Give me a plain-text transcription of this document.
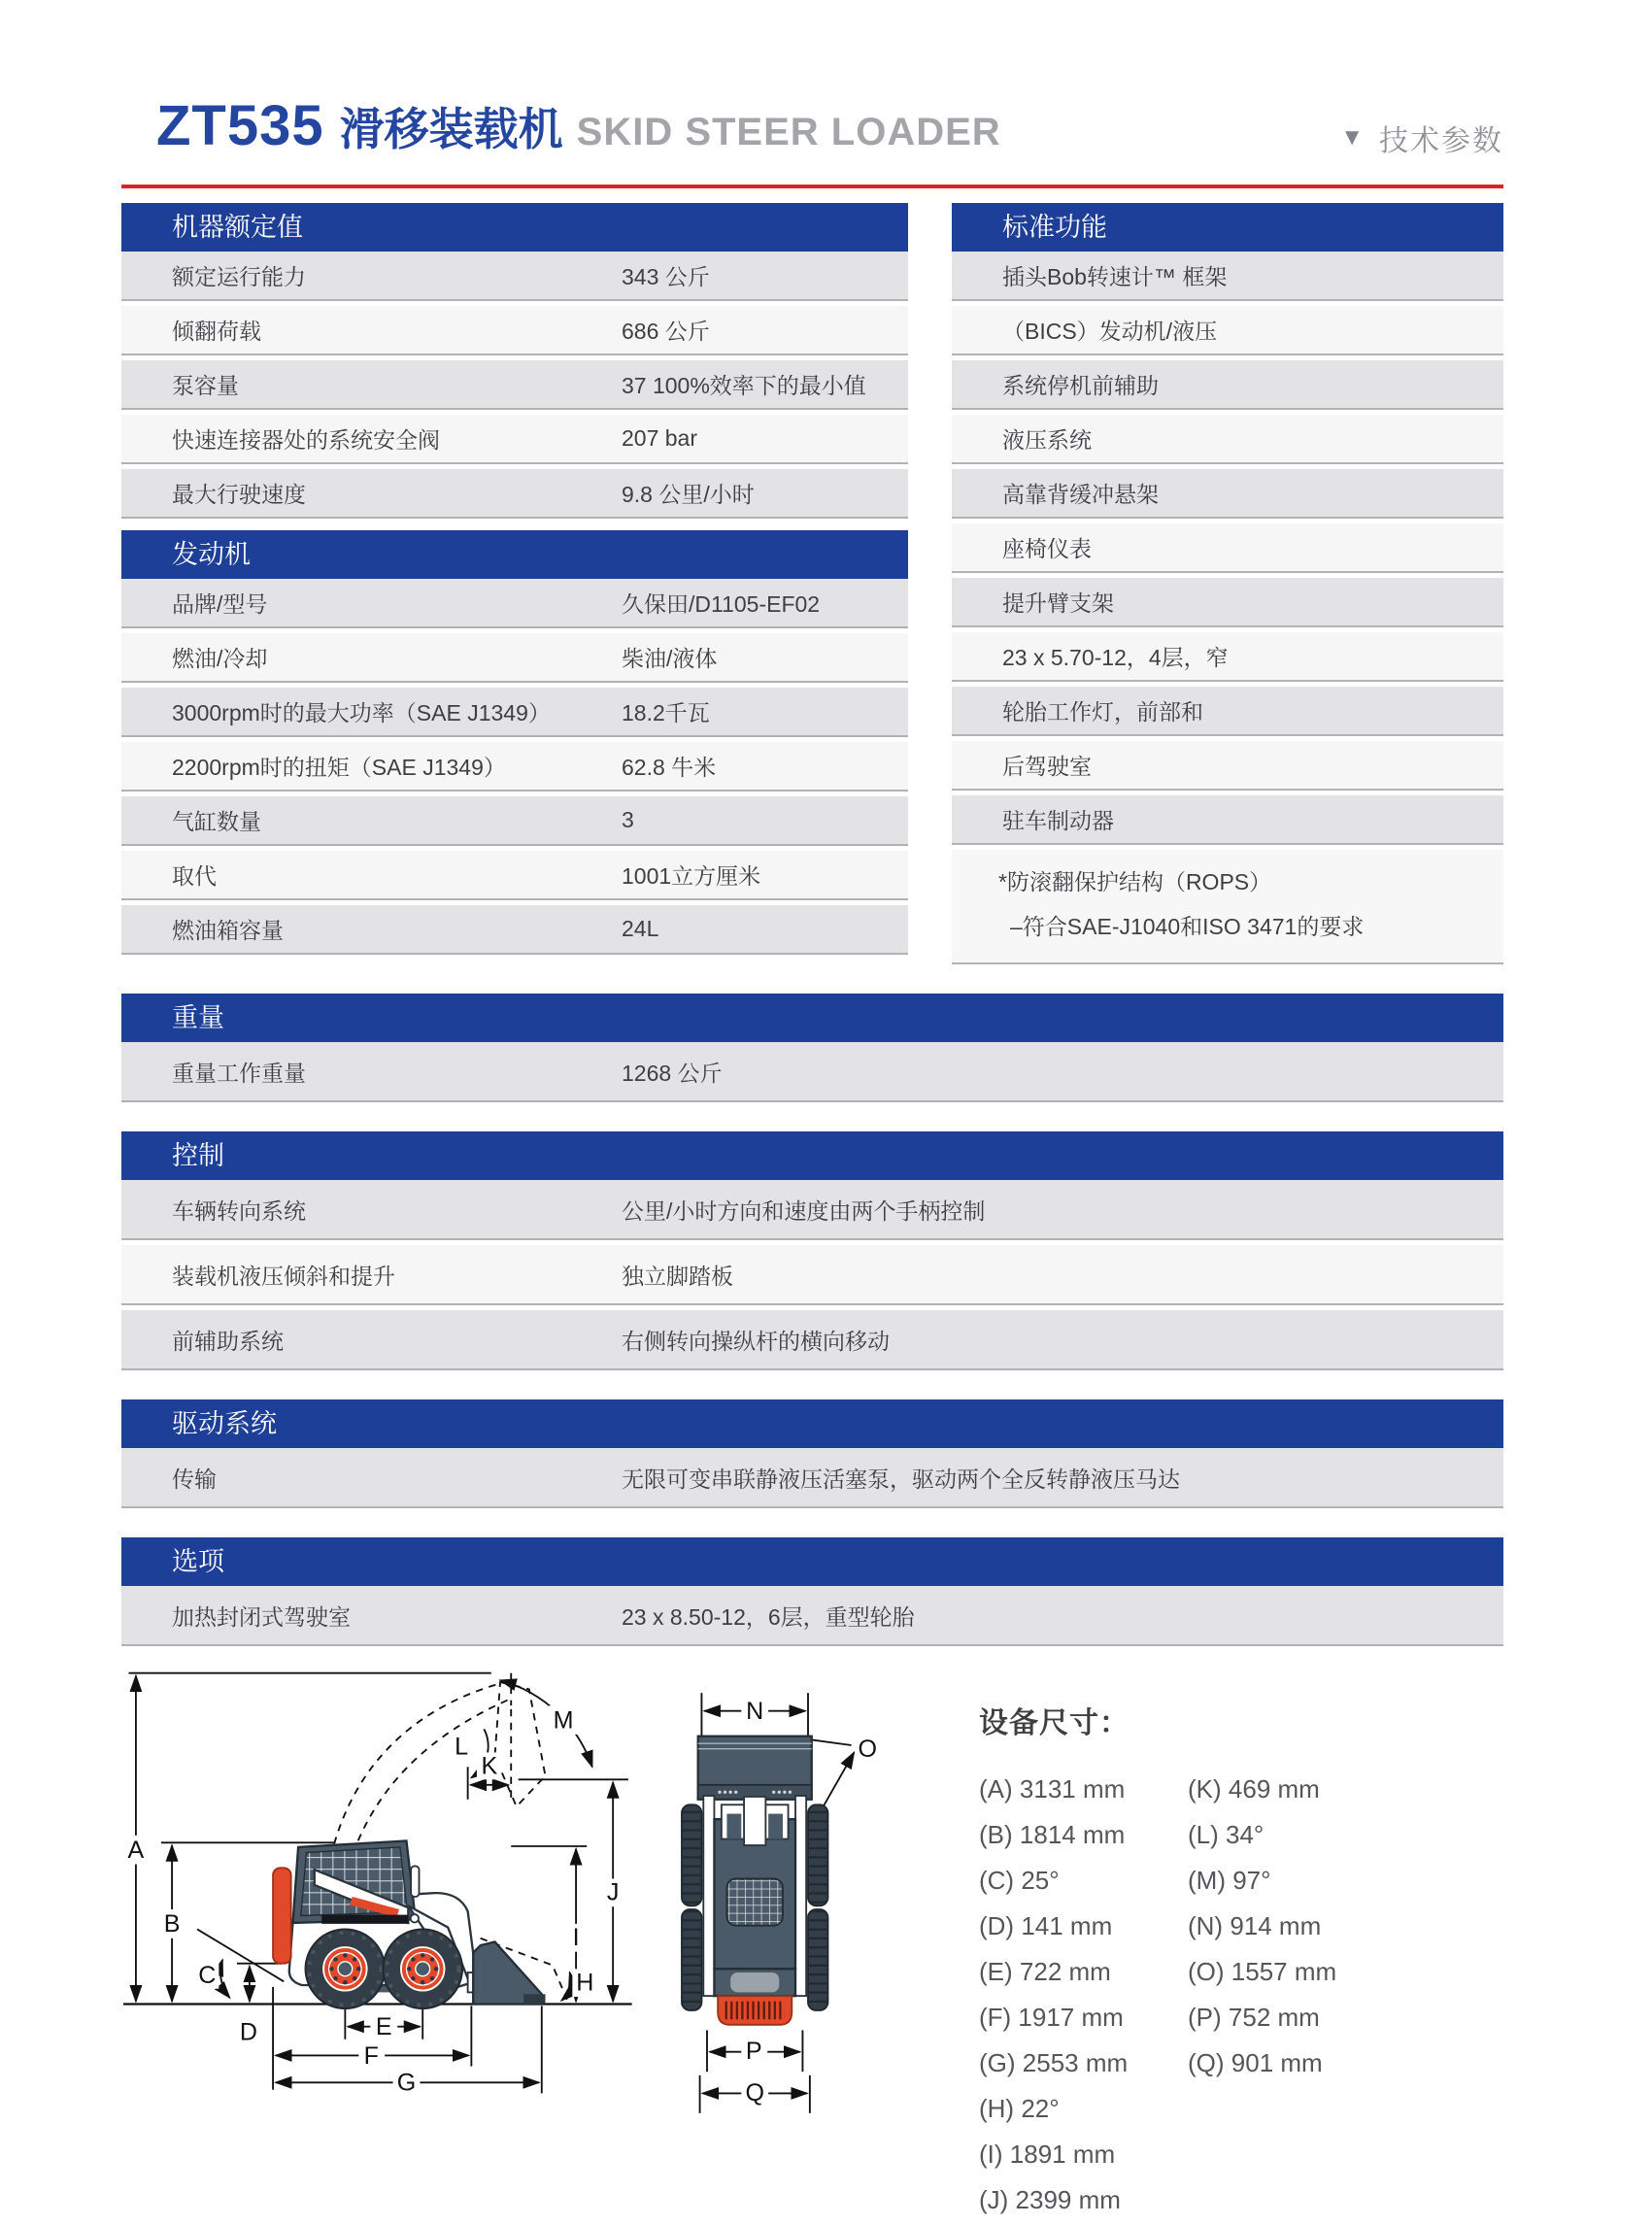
ZT535 滑移装载机 SKID STEER LOADER	▼ 技术参数
机器额定值
额定运行能力	343 公斤
倾翻荷载	686 公斤
泵容量	37 100%效率下的最小值
快速连接器处的系统安全阀	207 bar
最大行驶速度	9.8 公里/小时
发动机
品牌/型号	久保田/D1105-EF02
燃油/冷却	柴油/液体
3000rpm时的最大功率（SAE J1349）	18.2千瓦
2200rpm时的扭矩（SAE J1349）	62.8 牛米
气缸数量	3
取代	1001立方厘米
燃油箱容量	24L
标准功能
插头Bob转速计™ 框架
（BICS）发动机/液压
系统停机前辅助
液压系统
高靠背缓冲悬架
座椅仪表
提升臂支架
23 x 5.70-12，4层，窄
轮胎工作灯，前部和
后驾驶室
驻车制动器
*防滚翻保护结构（ROPS）
–符合SAE-J1040和ISO 3471的要求
重量
重量工作重量	1268 公斤
控制
车辆转向系统	公里/小时方向和速度由两个手柄控制
装载机液压倾斜和提升	独立脚踏板
前辅助系统	右侧转向操纵杆的横向移动
驱动系统
传输	无限可变串联静液压活塞泵，驱动两个全反转静液压马达
选项
加热封闭式驾驶室	23 x 8.50-12，6层，重型轮胎
A
B
C
D	E
F
G
H
I
J
K
L
M	N
O
P
Q
设备尺寸：
(A) 3131 mm
(B) 1814 mm
(C) 25°
(D) 141 mm
(E) 722 mm
(F) 1917 mm
(G) 2553 mm
(H) 22°
(I) 1891 mm
(J) 2399 mm
(K) 469 mm
(L) 34°
(M) 97°
(N) 914 mm
(O) 1557 mm
(P) 752 mm
(Q) 901 mm
